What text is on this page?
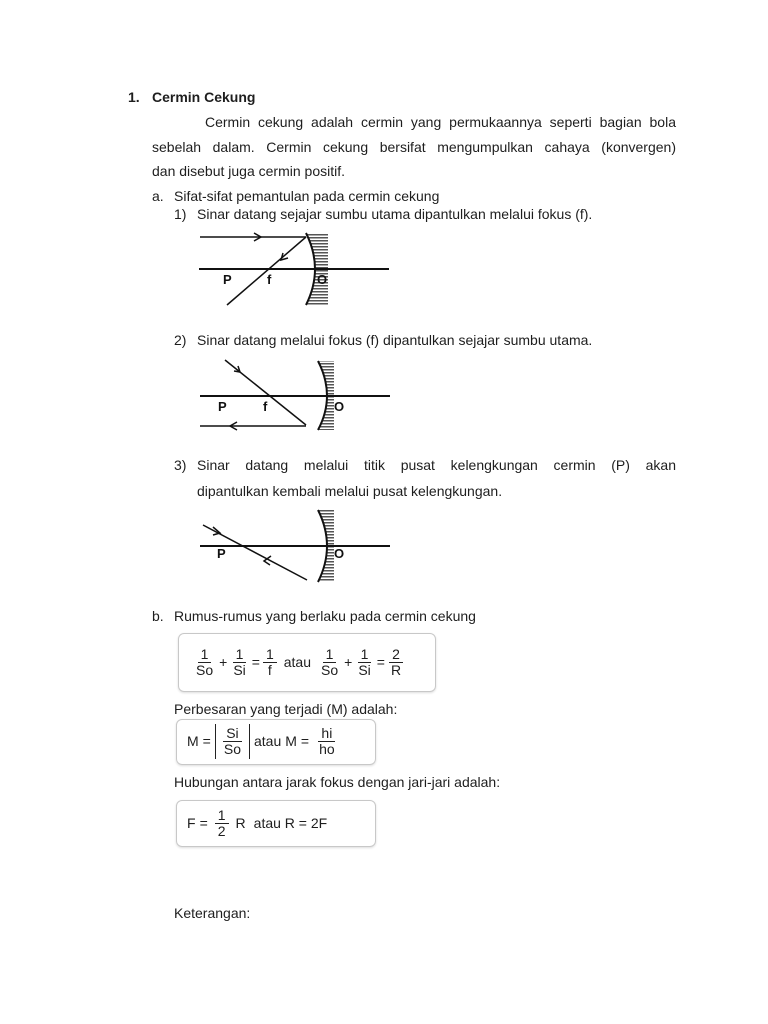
1. Cermin Cekung
Cermin cekung adalah cermin yang permukaannya seperti bagian bola
sebelah dalam. Cermin cekung bersifat mengumpulkan cahaya (konvergen)
dan disebut juga cermin positif.
a. Sifat-sifat pemantulan pada cermin cekung
1) Sinar datang sejajar sumbu utama dipantulkan melalui fokus (f).
2) Sinar datang melalui fokus (f) dipantulkan sejajar sumbu utama.
3) Sinar datang melalui titik pusat kelengkungan cermin (P) akan
dipantulkan kembali melalui pusat kelengkungan.
P	f	O
P	f	O
P	O
b. Rumus-rumus yang berlaku pada cermin cekung
$\frac{1}{So} + \frac{1}{Si} = \frac{1}{f}$ atau $\frac{1}{So} + \frac{1}{Si} = \frac{2}{R}$
Perbesaran yang terjadi (M) adalah:
$M = \frac{Si}{So}$ atau $M = \frac{hi}{ho}$
Hubungan antara jarak fokus dengan jari-jari adalah:
$F = \frac{1}{2}$ R atau R = 2F
Keterangan:
